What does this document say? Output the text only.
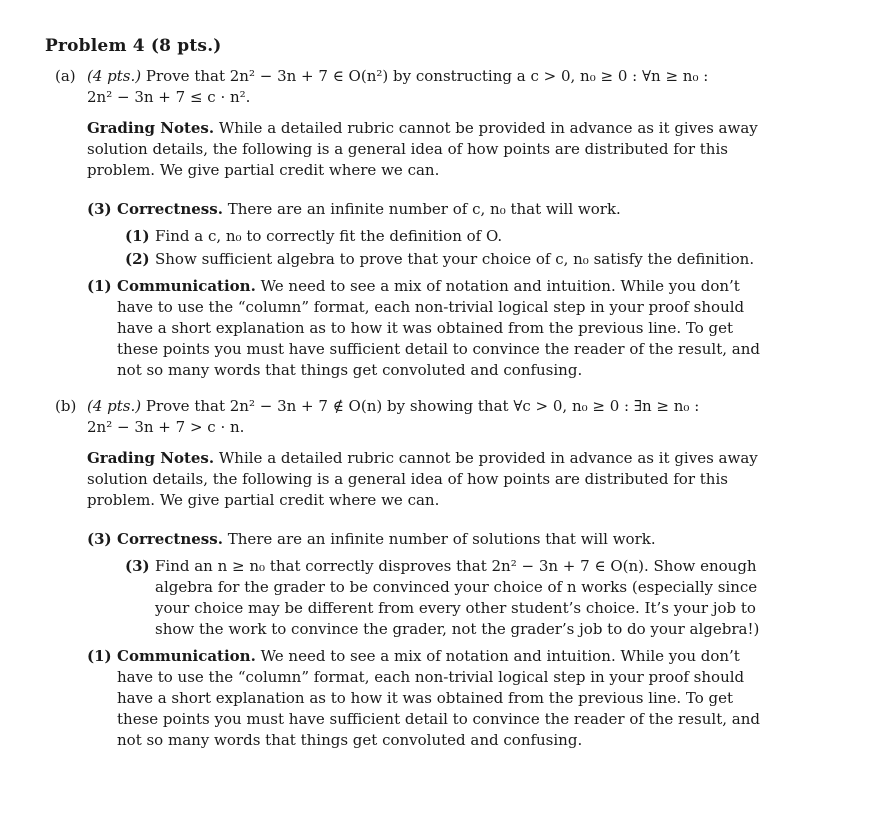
Problem 4 (8 pts.)
(a) (4 pts.) Prove that 2n² − 3n + 7 ∈ O(n²) by constructing a c > 0, n₀ ≥ 0 : ∀n ≥ n₀ :
2n² − 3n + 7 ≤ c · n².
Grading Notes. While a detailed rubric cannot be provided in advance as it gives away solution details, the following is a general idea of how points are distributed for this problem. We give partial credit where we can.
(3) Correctness. There are an infinite number of c, n₀ that will work.
(1) Find a c, n₀ to correctly fit the definition of O.
(2) Show sufficient algebra to prove that your choice of c, n₀ satisfy the definition.
(1) Communication. We need to see a mix of notation and intuition. While you don’t have to use the “column” format, each non-trivial logical step in your proof should have a short explanation as to how it was obtained from the previous line. To get these points you must have sufficient detail to convince the reader of the result, and not so many words that things get convoluted and confusing.
(b) (4 pts.) Prove that 2n² − 3n + 7 ∉ O(n) by showing that ∀c > 0, n₀ ≥ 0 : ∃n ≥ n₀ :
2n² − 3n + 7 > c · n.
Grading Notes. While a detailed rubric cannot be provided in advance as it gives away solution details, the following is a general idea of how points are distributed for this problem. We give partial credit where we can.
(3) Correctness. There are an infinite number of solutions that will work.
(3) Find an n ≥ n₀ that correctly disproves that 2n² − 3n + 7 ∈ O(n). Show enough algebra for the grader to be convinced your choice of n works (especially since your choice may be different from every other student’s choice. It’s your job to show the work to convince the grader, not the grader’s job to do your algebra!)
(1) Communication. We need to see a mix of notation and intuition. While you don’t have to use the “column” format, each non-trivial logical step in your proof should have a short explanation as to how it was obtained from the previous line. To get these points you must have sufficient detail to convince the reader of the result, and not so many words that things get convoluted and confusing.
